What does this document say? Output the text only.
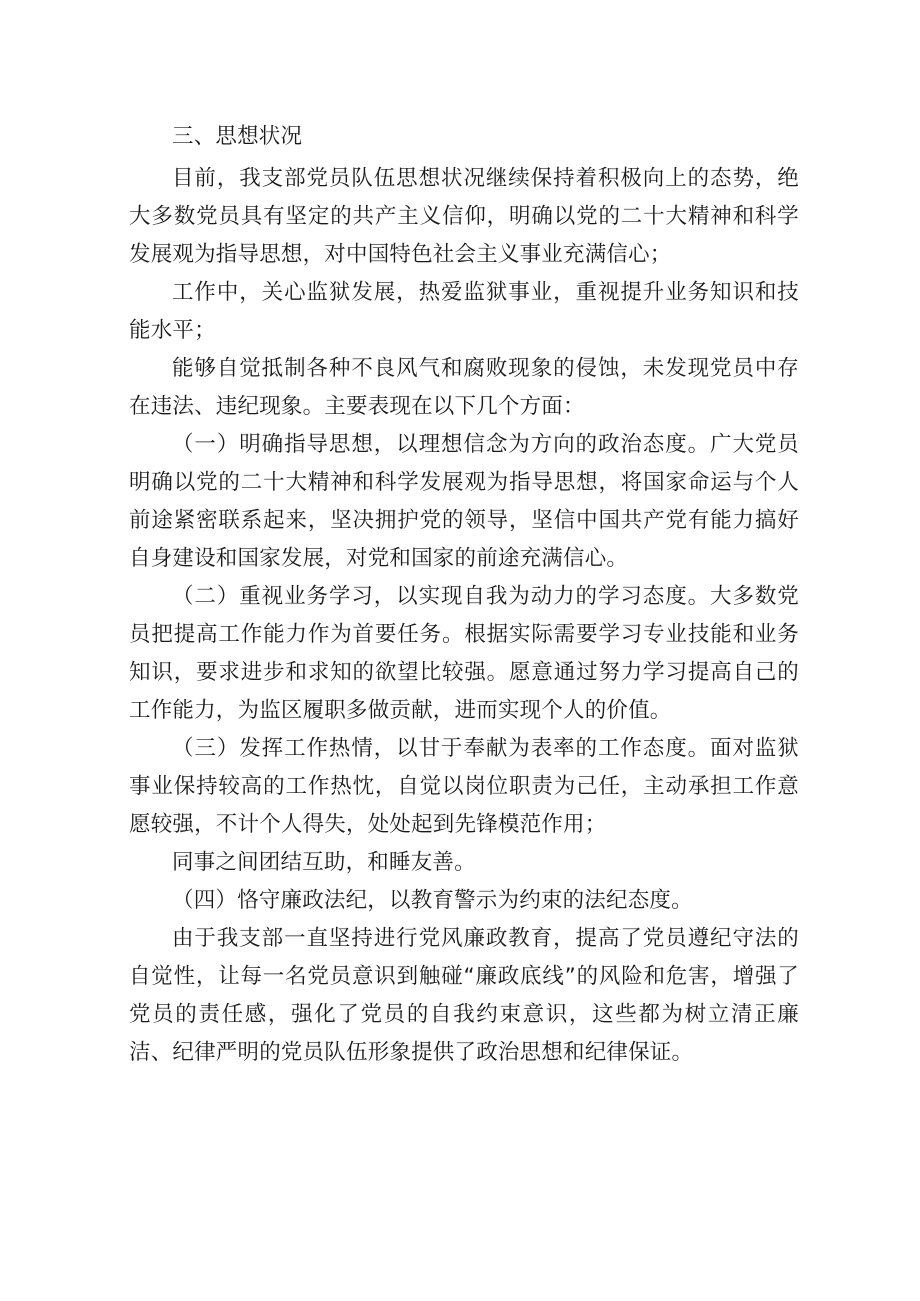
三、思想状况

目前，我支部党员队伍思想状况继续保持着积极向上的态势，绝大多数党员具有坚定的共产主义信仰，明确以党的二十大精神和科学发展观为指导思想，对中国特色社会主义事业充满信心；

工作中，关心监狱发展，热爱监狱事业，重视提升业务知识和技能水平；

能够自觉抵制各种不良风气和腐败现象的侵蚀，未发现党员中存在违法、违纪现象。主要表现在以下几个方面：

（一）明确指导思想，以理想信念为方向的政治态度。广大党员明确以党的二十大精神和科学发展观为指导思想，将国家命运与个人前途紧密联系起来，坚决拥护党的领导，坚信中国共产党有能力搞好自身建设和国家发展，对党和国家的前途充满信心。

（二）重视业务学习，以实现自我为动力的学习态度。大多数党员把提高工作能力作为首要任务。根据实际需要学习专业技能和业务知识，要求进步和求知的欲望比较强。愿意通过努力学习提高自己的工作能力，为监区履职多做贡献，进而实现个人的价值。

（三）发挥工作热情，以甘于奉献为表率的工作态度。面对监狱事业保持较高的工作热忱，自觉以岗位职责为己任，主动承担工作意愿较强，不计个人得失，处处起到先锋模范作用；

同事之间团结互助，和睡友善。

（四）恪守廉政法纪，以教育警示为约束的法纪态度。

由于我支部一直坚持进行党风廉政教育，提高了党员遵纪守法的自觉性，让每一名党员意识到触碰“廉政底线”的风险和危害，增强了党员的责任感，强化了党员的自我约束意识，这些都为树立清正廉洁、纪律严明的党员队伍形象提供了政治思想和纪律保证。
